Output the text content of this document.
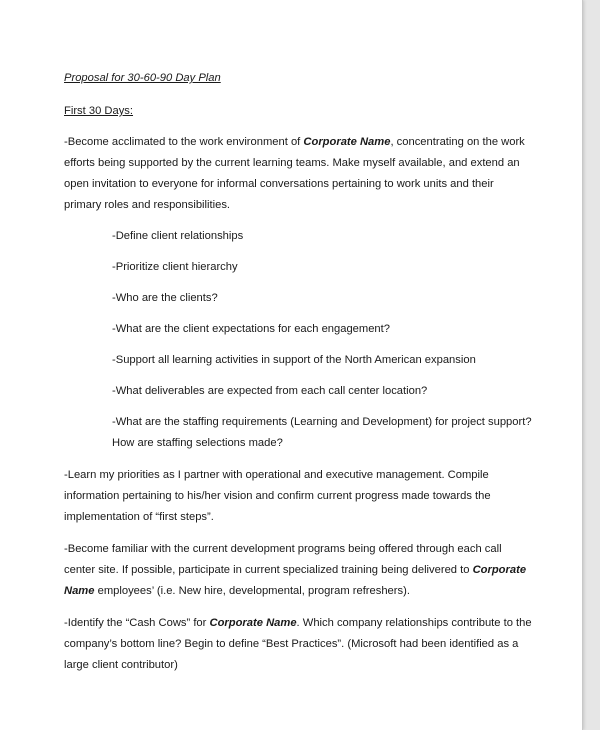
Proposal for 30-60-90 Day Plan

First 30 Days:

-Become acclimated to the work environment of Corporate Name, concentrating on the work efforts being supported by the current learning teams. Make myself available, and extend an open invitation to everyone for informal conversations pertaining to work units and their primary roles and responsibilities.

-Define client relationships

-Prioritize client hierarchy

-Who are the clients?

-What are the client expectations for each engagement?

-Support all learning activities in support of the North American expansion

-What deliverables are expected from each call center location?

-What are the staffing requirements (Learning and Development) for project support? How are staffing selections made?

-Learn my priorities as I partner with operational and executive management. Compile information pertaining to his/her vision and confirm current progress made towards the implementation of “first steps”.

-Become familiar with the current development programs being offered through each call center site. If possible, participate in current specialized training being delivered to Corporate Name employees’ (i.e. New hire, developmental, program refreshers).

-Identify the “Cash Cows” for Corporate Name. Which company relationships contribute to the company’s bottom line? Begin to define “Best Practices”. (Microsoft had been identified as a large client contributor)
